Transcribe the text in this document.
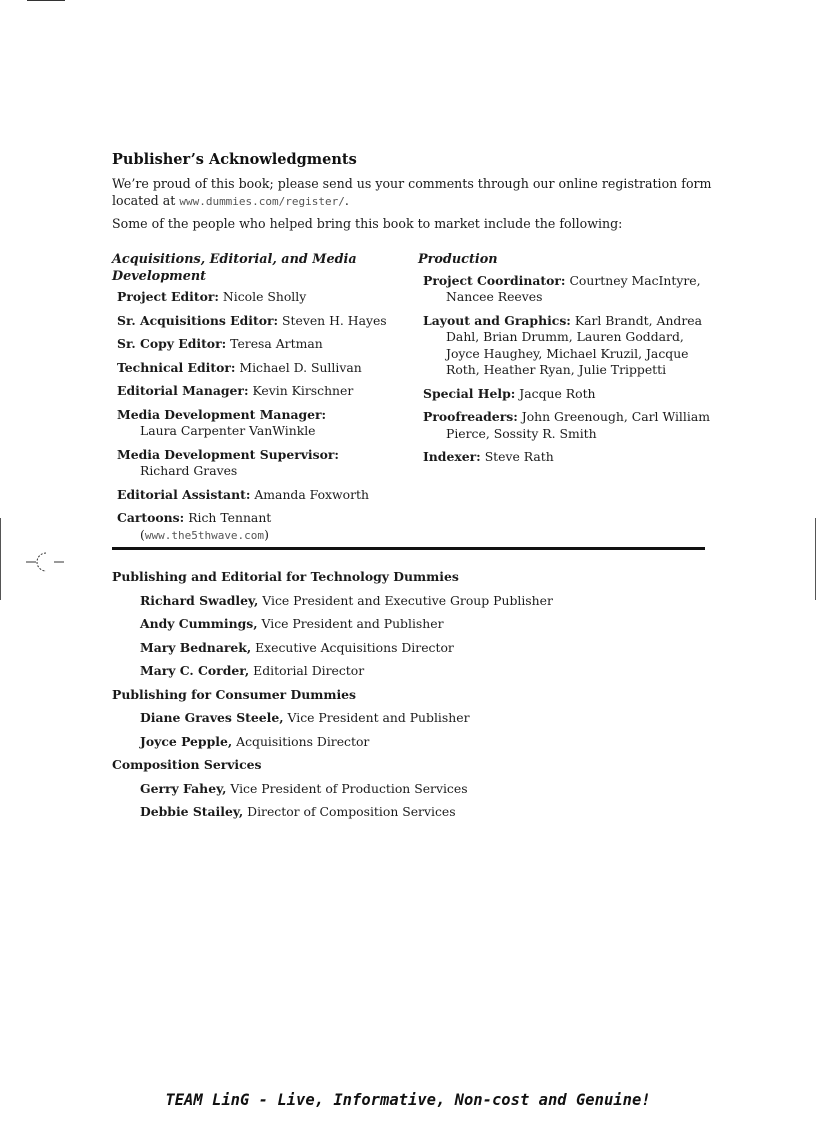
Publisher’s Acknowledgments
We’re proud of this book; please send us your comments through our online registration form located at www.dummies.com/register/.
Some of the people who helped bring this book to market include the following:
Acquisitions, Editorial, and Media Development
Project Editor: Nicole Sholly
Sr. Acquisitions Editor: Steven H. Hayes
Sr. Copy Editor: Teresa Artman
Technical Editor: Michael D. Sullivan
Editorial Manager: Kevin Kirschner
Media Development Manager:
Laura Carpenter VanWinkle
Media Development Supervisor:
Richard Graves
Editorial Assistant: Amanda Foxworth
Cartoons: Rich Tennant (www.the5thwave.com)
Production
Project Coordinator: Courtney MacIntyre, Nancee Reeves
Layout and Graphics: Karl Brandt, Andrea Dahl, Brian Drumm, Lauren Goddard, Joyce Haughey, Michael Kruzil, Jacque Roth, Heather Ryan, Julie Trippetti
Special Help: Jacque Roth
Proofreaders: John Greenough, Carl William Pierce, Sossity R. Smith
Indexer: Steve Rath
Publishing and Editorial for Technology Dummies
Richard Swadley, Vice President and Executive Group Publisher
Andy Cummings, Vice President and Publisher
Mary Bednarek, Executive Acquisitions Director
Mary C. Corder, Editorial Director
Publishing for Consumer Dummies
Diane Graves Steele, Vice President and Publisher
Joyce Pepple, Acquisitions Director
Composition Services
Gerry Fahey, Vice President of Production Services
Debbie Stailey, Director of Composition Services
TEAM LinG - Live, Informative, Non-cost and Genuine!
